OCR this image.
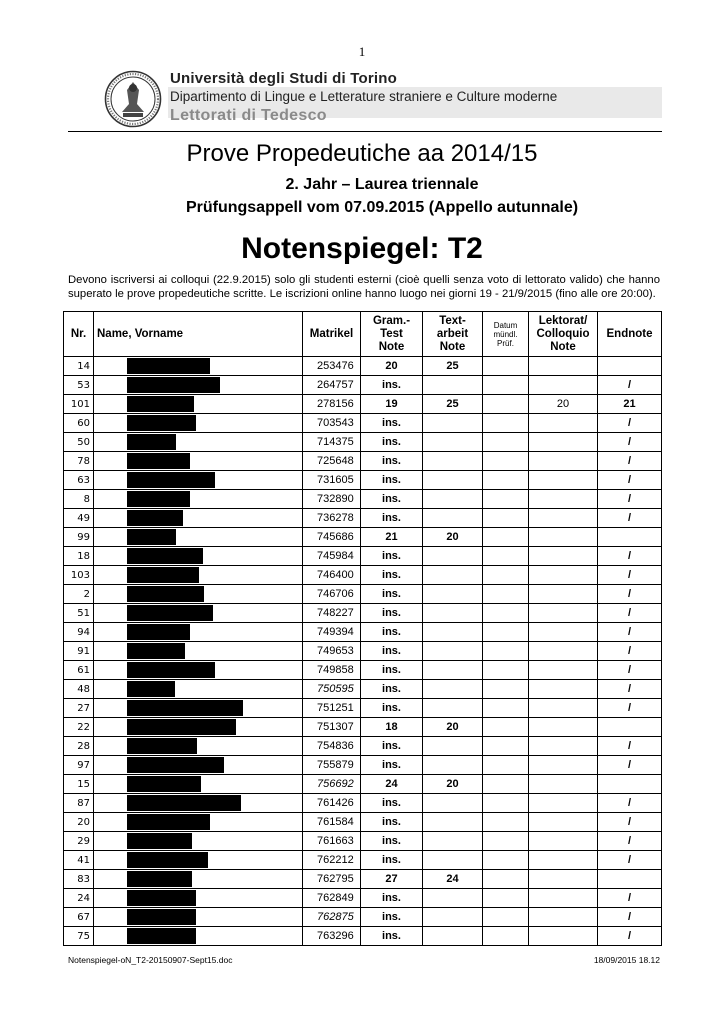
1
Università degli Studi di Torino
Dipartimento di Lingue e Letterature straniere e Culture moderne
Lettorati di Tedesco
Prove Propedeutiche aa 2014/15
2. Jahr – Laurea triennale
Prüfungsappell vom 07.09.2015 (Appello autunnale)
Notenspiegel: T2
Devono iscriversi ai colloqui (22.9.2015) solo gli studenti esterni (cioè quelli senza voto di lettorato valido) che hanno superato le prove propedeutiche scritte. Le iscrizioni online hanno luogo nei giorni 19 - 21/9/2015 (fino alle ore 20:00).
Nr.	Name, Vorname	Matrikel	Gram.-
Test
Note	Text-
arbeit
Note	Datum
mündl.
Prüf.	Lektorat/
Colloquio
Note	Endnote
14		253476	20	25			
53		264757	ins.				/
101		278156	19	25		20	21
60		703543	ins.				/
50		714375	ins.				/
78		725648	ins.				/
63		731605	ins.				/
8		732890	ins.				/
49		736278	ins.				/
99		745686	21	20			
18		745984	ins.				/
103		746400	ins.				/
2		746706	ins.				/
51		748227	ins.				/
94		749394	ins.				/
91		749653	ins.				/
61		749858	ins.				/
48		750595	ins.				/
27		751251	ins.				/
22		751307	18	20			
28		754836	ins.				/
97		755879	ins.				/
15		756692	24	20			
87		761426	ins.				/
20		761584	ins.				/
29		761663	ins.				/
41		762212	ins.				/
83		762795	27	24			
24		762849	ins.				/
67		762875	ins.				/
75		763296	ins.				/
Notenspiegel-oN_T2-20150907-Sept15.doc	18/09/2015 18.12
